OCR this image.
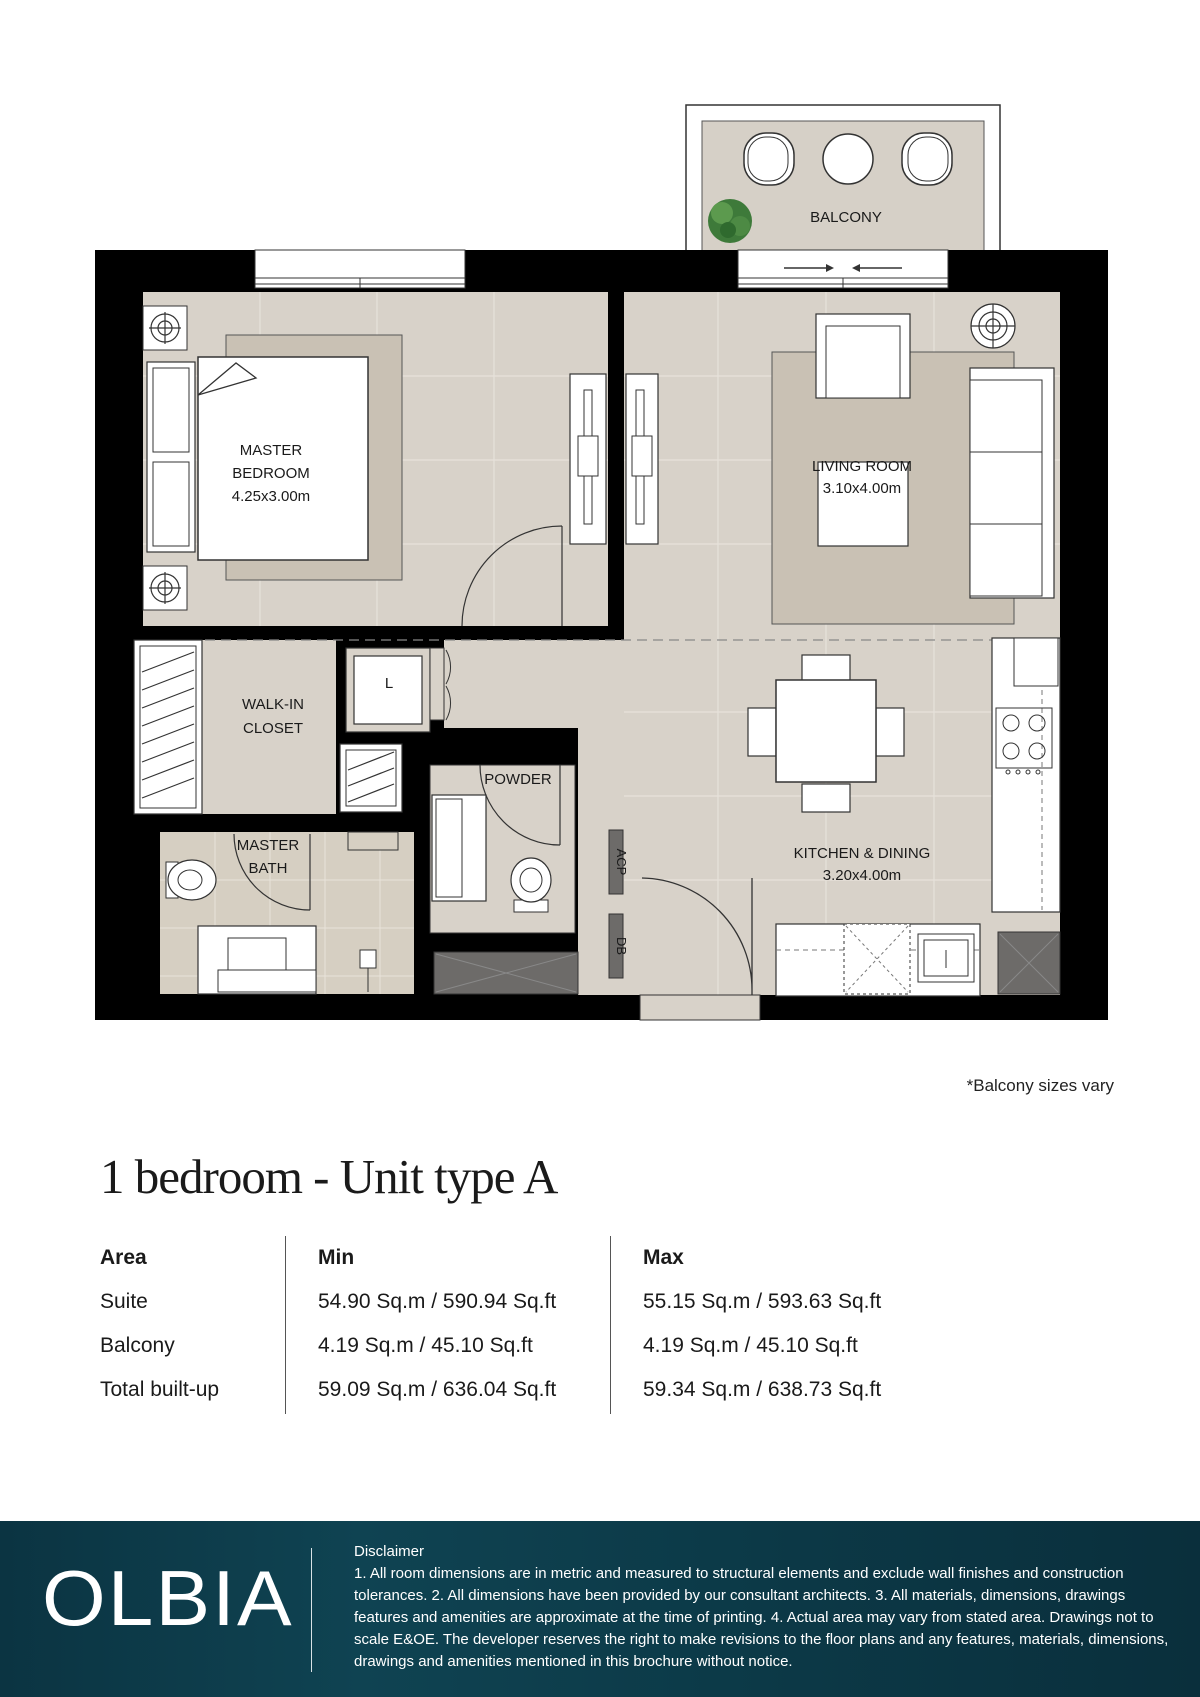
BALCONY
MASTER
BEDROOM
4.25x3.00m
LIVING ROOM
3.10x4.00m
WALK-IN
CLOSET
L
POWDER
MASTER
BATH	ACP
DB
KITCHEN & DINING
3.20x4.00m
*Balcony sizes vary
1 bedroom - Unit type A
Area
Suite
Balcony
Total built-up
Min
54.90 Sq.m / 590.94 Sq.ft
4.19 Sq.m / 45.10 Sq.ft
59.09 Sq.m / 636.04 Sq.ft
Max
55.15 Sq.m / 593.63 Sq.ft
4.19 Sq.m / 45.10 Sq.ft
59.34 Sq.m / 638.73 Sq.ft
OLBIA
Disclaimer
1. All room dimensions are in metric and measured to structural elements and exclude wall finishes and construction tolerances. 2. All dimensions have been provided by our consultant architects. 3. All materials, dimensions, drawings features and amenities are approximate at the time of printing. 4. Actual area may vary from stated area. Drawings not to scale E&OE. The developer reserves the right to make revisions to the floor plans and any features, materials, dimensions, drawings and amenities mentioned in this brochure without notice.
